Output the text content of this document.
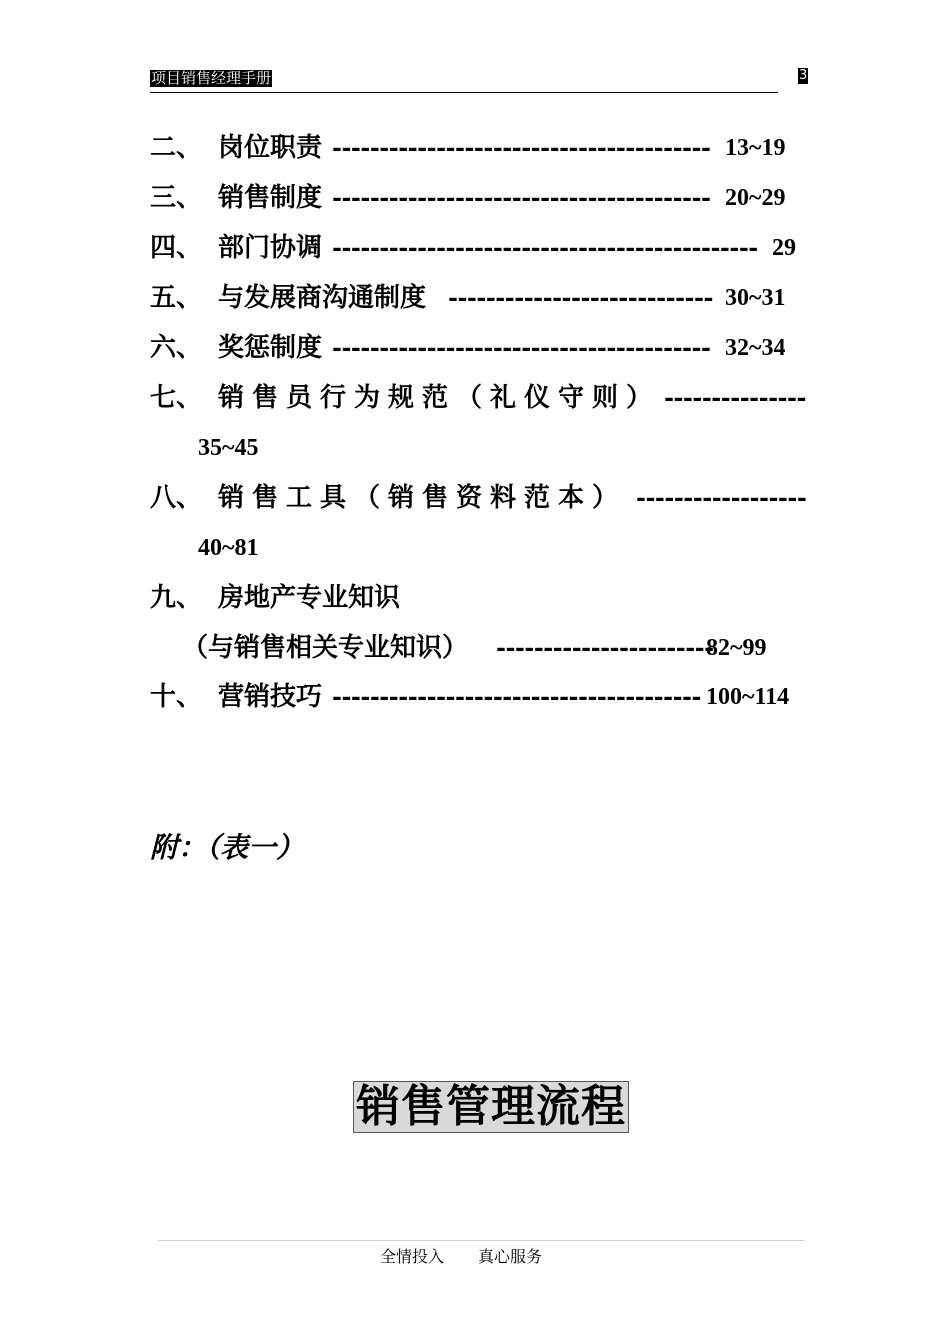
项目销售经理手册	3
二、 岗位职责 ---------------------------------------- 13~19
三、 销售制度 ---------------------------------------- 20~29
四、 部门协调 --------------------------------------------- 29
五、 与发展商沟通制度 ---------------------------- 30~31
六、 奖惩制度 ---------------------------------------- 32~34
七、 销售员行为规范（礼仪守则） ---------------
35~45
八、 销售工具（销售资料范本） ------------------
40~81
九、 房地产专业知识
（与销售相关专业知识） -----------------------
82~99
十、 营销技巧 --------------------------------------- 100~114
附：（表一）
销售管理流程
全情投入 真心服务
